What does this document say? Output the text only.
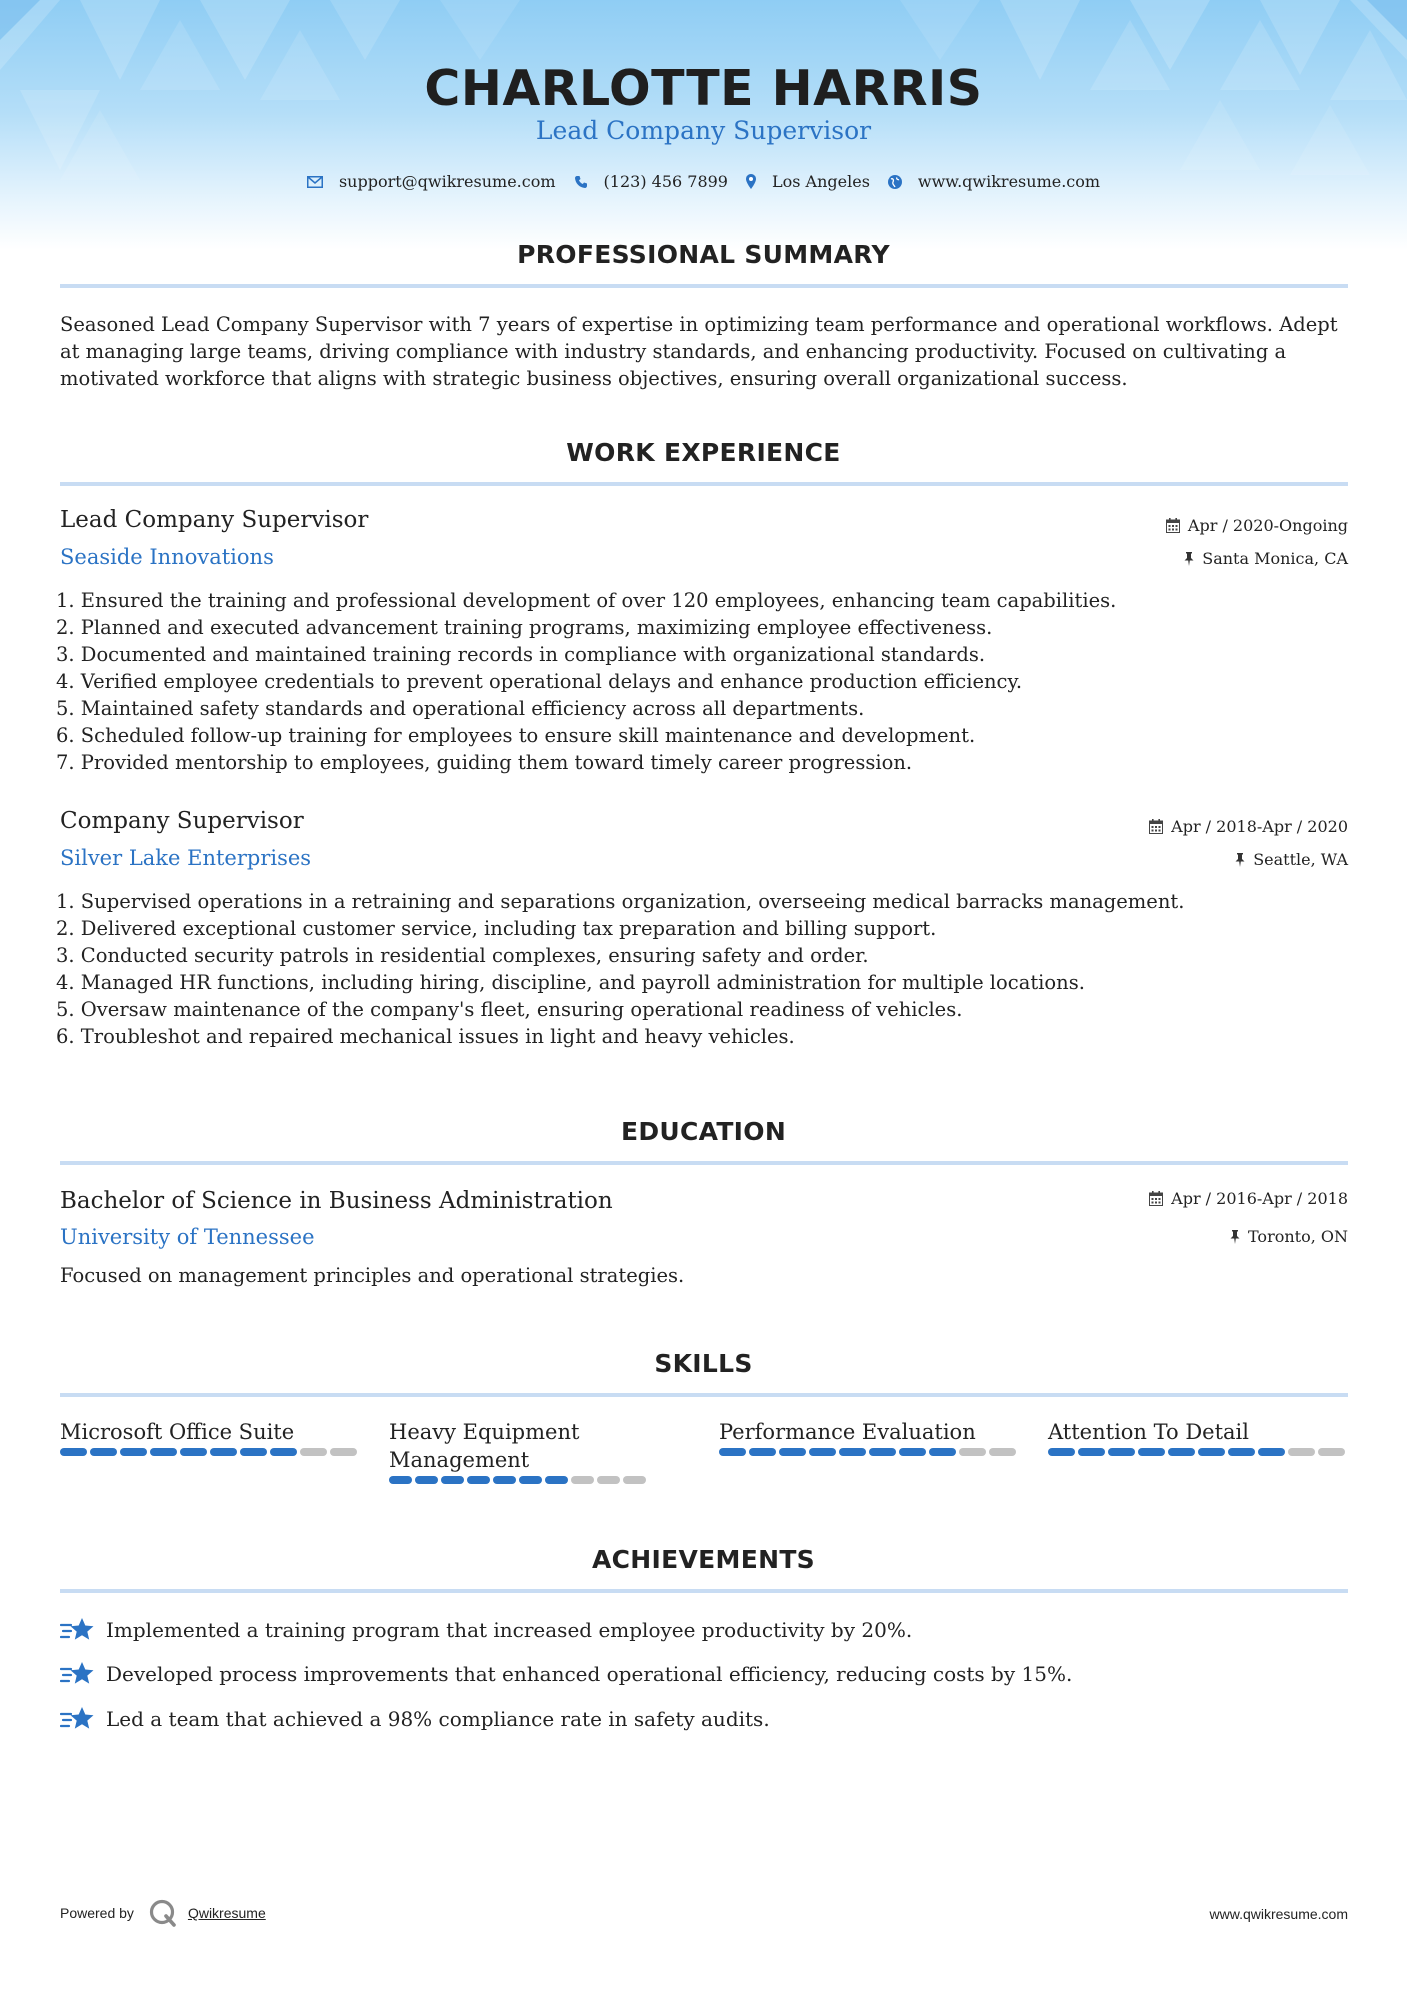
CHARLOTTE HARRIS
Lead Company Supervisor
support@qwikresume.com	(123) 456 7899	Los Angeles	www.qwikresume.com
PROFESSIONAL SUMMARY
Seasoned Lead Company Supervisor with 7 years of expertise in optimizing team performance and operational workflows. Adept at managing large teams, driving compliance with industry standards, and enhancing productivity. Focused on cultivating a motivated workforce that aligns with strategic business objectives, ensuring overall organizational success.
WORK EXPERIENCE
Lead Company Supervisor	Apr / 2020-Ongoing
Seaside Innovations	Santa Monica, CA
1. Ensured the training and professional development of over 120 employees, enhancing team capabilities.
2. Planned and executed advancement training programs, maximizing employee effectiveness.
3. Documented and maintained training records in compliance with organizational standards.
4. Verified employee credentials to prevent operational delays and enhance production efficiency.
5. Maintained safety standards and operational efficiency across all departments.
6. Scheduled follow-up training for employees to ensure skill maintenance and development.
7. Provided mentorship to employees, guiding them toward timely career progression.
Company Supervisor	Apr / 2018-Apr / 2020
Silver Lake Enterprises	Seattle, WA
1. Supervised operations in a retraining and separations organization, overseeing medical barracks management.
2. Delivered exceptional customer service, including tax preparation and billing support.
3. Conducted security patrols in residential complexes, ensuring safety and order.
4. Managed HR functions, including hiring, discipline, and payroll administration for multiple locations.
5. Oversaw maintenance of the company's fleet, ensuring operational readiness of vehicles.
6. Troubleshot and repaired mechanical issues in light and heavy vehicles.
EDUCATION
Bachelor of Science in Business Administration	Apr / 2016-Apr / 2018
University of Tennessee	Toronto, ON
Focused on management principles and operational strategies.
SKILLS
Microsoft Office Suite	Heavy Equipment Management
Performance Evaluation	Attention To Detail
ACHIEVEMENTS
Implemented a training program that increased employee productivity by 20%.
Developed process improvements that enhanced operational efficiency, reducing costs by 15%.
Led a team that achieved a 98% compliance rate in safety audits.
Powered by	Qwikresume	www.qwikresume.com
